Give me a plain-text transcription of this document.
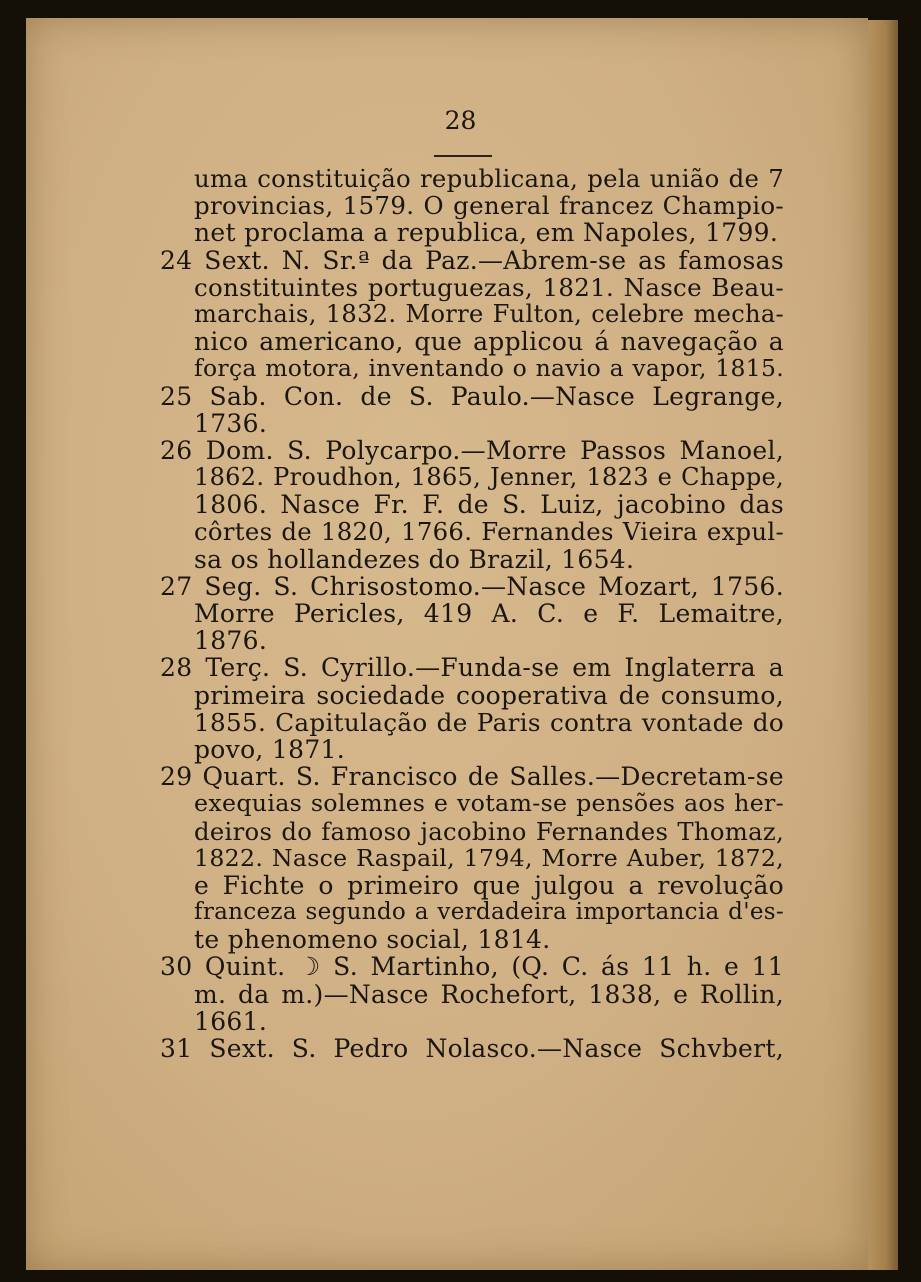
28
uma constituição republicana, pela união de 7
provincias, 1579. O general francez Champio-
net proclama a republica, em Napoles, 1799.
24 Sext. N. Sr.ª da Paz.—Abrem-se as famosas
constituintes portuguezas, 1821. Nasce Beau-
marchais, 1832. Morre Fulton, celebre mecha-
nico americano, que applicou á navegação a
força motora, inventando o navio a vapor, 1815.
25 Sab. Con. de S. Paulo.—Nasce Legrange,
1736.
26 Dom. S. Polycarpo.—Morre Passos Manoel,
1862. Proudhon, 1865, Jenner, 1823 e Chappe,
1806. Nasce Fr. F. de S. Luiz, jacobino das
côrtes de 1820, 1766. Fernandes Vieira expul-
sa os hollandezes do Brazil, 1654.
27 Seg. S. Chrisostomo.—Nasce Mozart, 1756.
Morre Pericles, 419 A. C. e F. Lemaitre,
1876.
28 Terç. S. Cyrillo.—Funda-se em Inglaterra a
primeira sociedade cooperativa de consumo,
1855. Capitulação de Paris contra vontade do
povo, 1871.
29 Quart. S. Francisco de Salles.—Decretam-se
exequias solemnes e votam-se pensões aos her-
deiros do famoso jacobino Fernandes Thomaz,
1822. Nasce Raspail, 1794, Morre Auber, 1872,
e Fichte o primeiro que julgou a revolução
franceza segundo a verdadeira importancia d'es-
te phenomeno social, 1814.
30 Quint. ☽ S. Martinho, (Q. C. ás 11 h. e 11
m. da m.)—Nasce Rochefort, 1838, e Rollin,
1661.
31 Sext. S. Pedro Nolasco.—Nasce Schvbert,
